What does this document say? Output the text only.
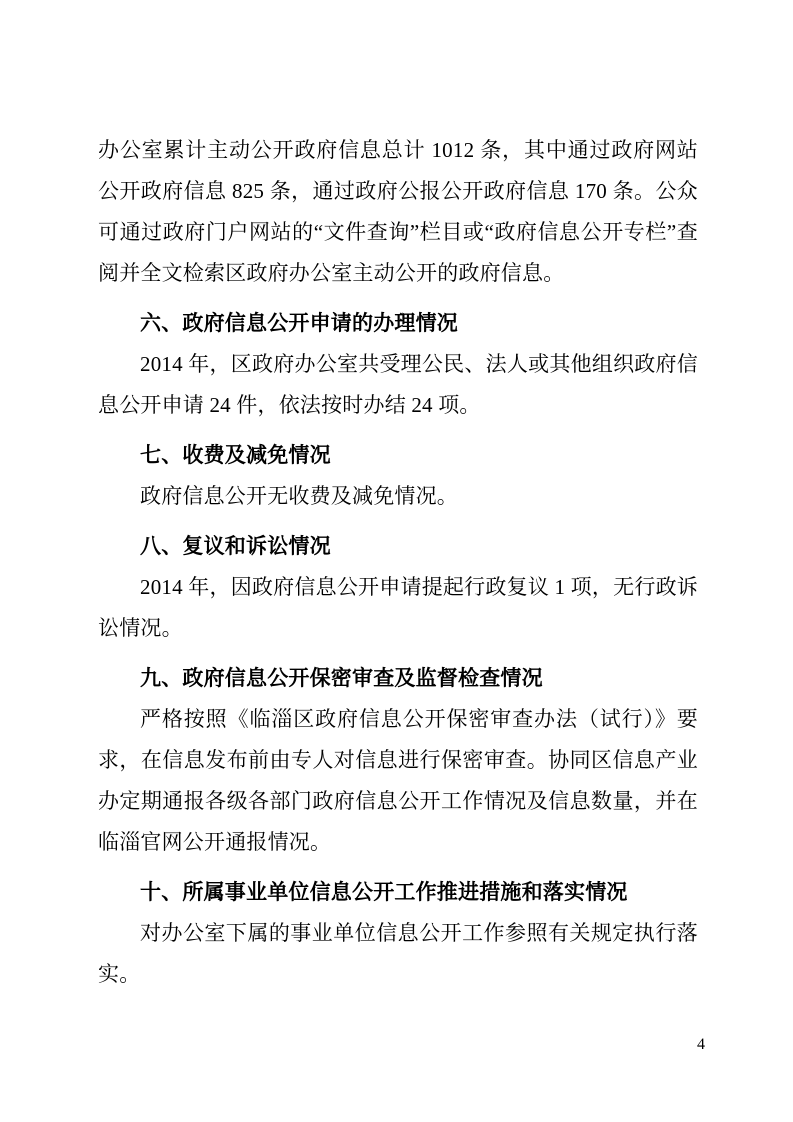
办公室累计主动公开政府信息总计 1012 条，其中通过政府网站公开政府信息 825 条，通过政府公报公开政府信息 170 条。公众可通过政府门户网站的“文件查询”栏目或“政府信息公开专栏”查阅并全文检索区政府办公室主动公开的政府信息。

六、政府信息公开申请的办理情况

2014 年，区政府办公室共受理公民、法人或其他组织政府信息公开申请 24 件，依法按时办结 24 项。

七、收费及减免情况

政府信息公开无收费及减免情况。

八、复议和诉讼情况

2014 年，因政府信息公开申请提起行政复议 1 项，无行政诉讼情况。

九、政府信息公开保密审查及监督检查情况

严格按照《临淄区政府信息公开保密审查办法（试行）》要求，在信息发布前由专人对信息进行保密审查。协同区信息产业办定期通报各级各部门政府信息公开工作情况及信息数量，并在临淄官网公开通报情况。

十、所属事业单位信息公开工作推进措施和落实情况

对办公室下属的事业单位信息公开工作参照有关规定执行落实。

4
